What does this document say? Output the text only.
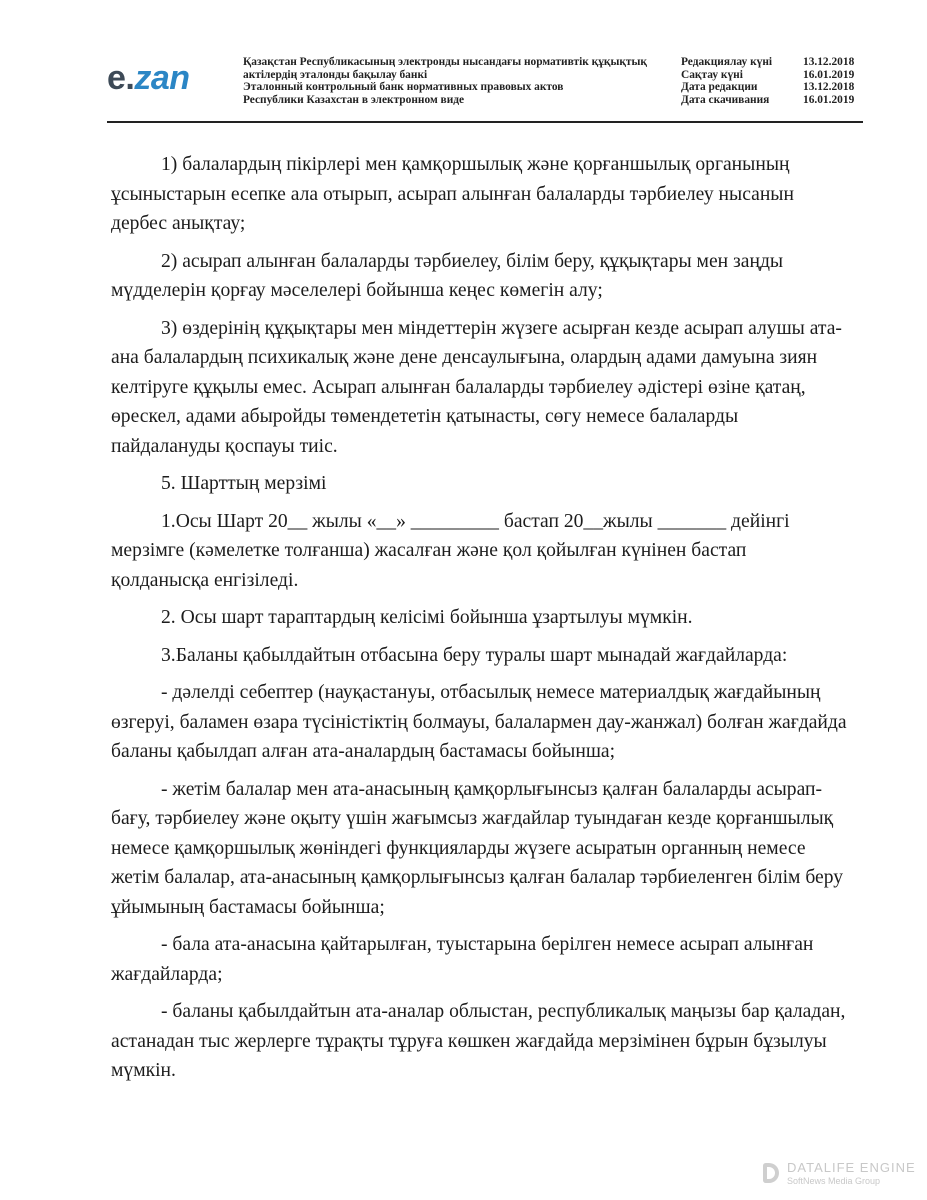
e.zan	Қазақстан Республикасының электронды нысандағы нормативтік құқықтық
актілердің эталонды бақылау банкі
Эталонный контрольный банк нормативных правовых актов
Республики Казахстан в электронном виде
Редакциялау күні	13.12.2018
Сақтау күні	16.01.2019
Дата редакции	13.12.2018
Дата скачивания	16.01.2019

1) балалардың пікірлері мен қамқоршылық және қорғаншылық органының ұсыныстарын есепке ала отырып, асырап алынған балаларды тәрбиелеу нысанын дербес анықтау;

2) асырап алынған балаларды тәрбиелеу, білім беру, құқықтары мен заңды мүдделерін қорғау мәселелері бойынша кеңес көмегін алу;

3) өздерінің құқықтары мен міндеттерін жүзеге асырған кезде асырап алушы ата-ана балалардың психикалық және дене денсаулығына, олардың адами дамуына зиян келтіруге құқылы емес. Асырап алынған балаларды тәрбиелеу әдістері өзіне қатаң, өрескел, адами абыройды төмендететін қатынасты, сөгу немесе балаларды пайдалануды қоспауы тиіс.

5. Шарттың мерзімі

1.Осы Шарт 20__ жылы «__» _________ бастап 20__жылы _______ дейінгі мерзімге (кәмелетке толғанша) жасалған және қол қойылған күнінен бастап қолданысқа енгізіледі.

2. Осы шарт тараптардың келісімі бойынша ұзартылуы мүмкін.

3.Баланы қабылдайтын отбасына беру туралы шарт мынадай жағдайларда:

- дәлелді себептер (науқастануы, отбасылық немесе материалдық жағдайының өзгеруі, баламен өзара түсіністіктің болмауы, балалармен дау-жанжал) болған жағдайда баланы қабылдап алған ата-аналардың бастамасы бойынша;

- жетім балалар мен ата-анасының қамқорлығынсыз қалған балаларды асырап-бағу, тәрбиелеу және оқыту үшін жағымсыз жағдайлар туындаған кезде қорғаншылық немесе қамқоршылық жөніндегі функцияларды жүзеге асыратын органның немесе жетім балалар, ата-анасының қамқорлығынсыз қалған балалар тәрбиеленген білім беру ұйымының бастамасы бойынша;

- бала ата-анасына қайтарылған, туыстарына берілген немесе асырап алынған жағдайларда;

- баланы қабылдайтын ата-аналар облыстан, республикалық маңызы бар қаладан, астанадан тыс жерлерге тұрақты тұруға көшкен жағдайда мерзімінен бұрын бұзылуы мүмкін.

DATALIFE ENGINE
SoftNews Media Group
